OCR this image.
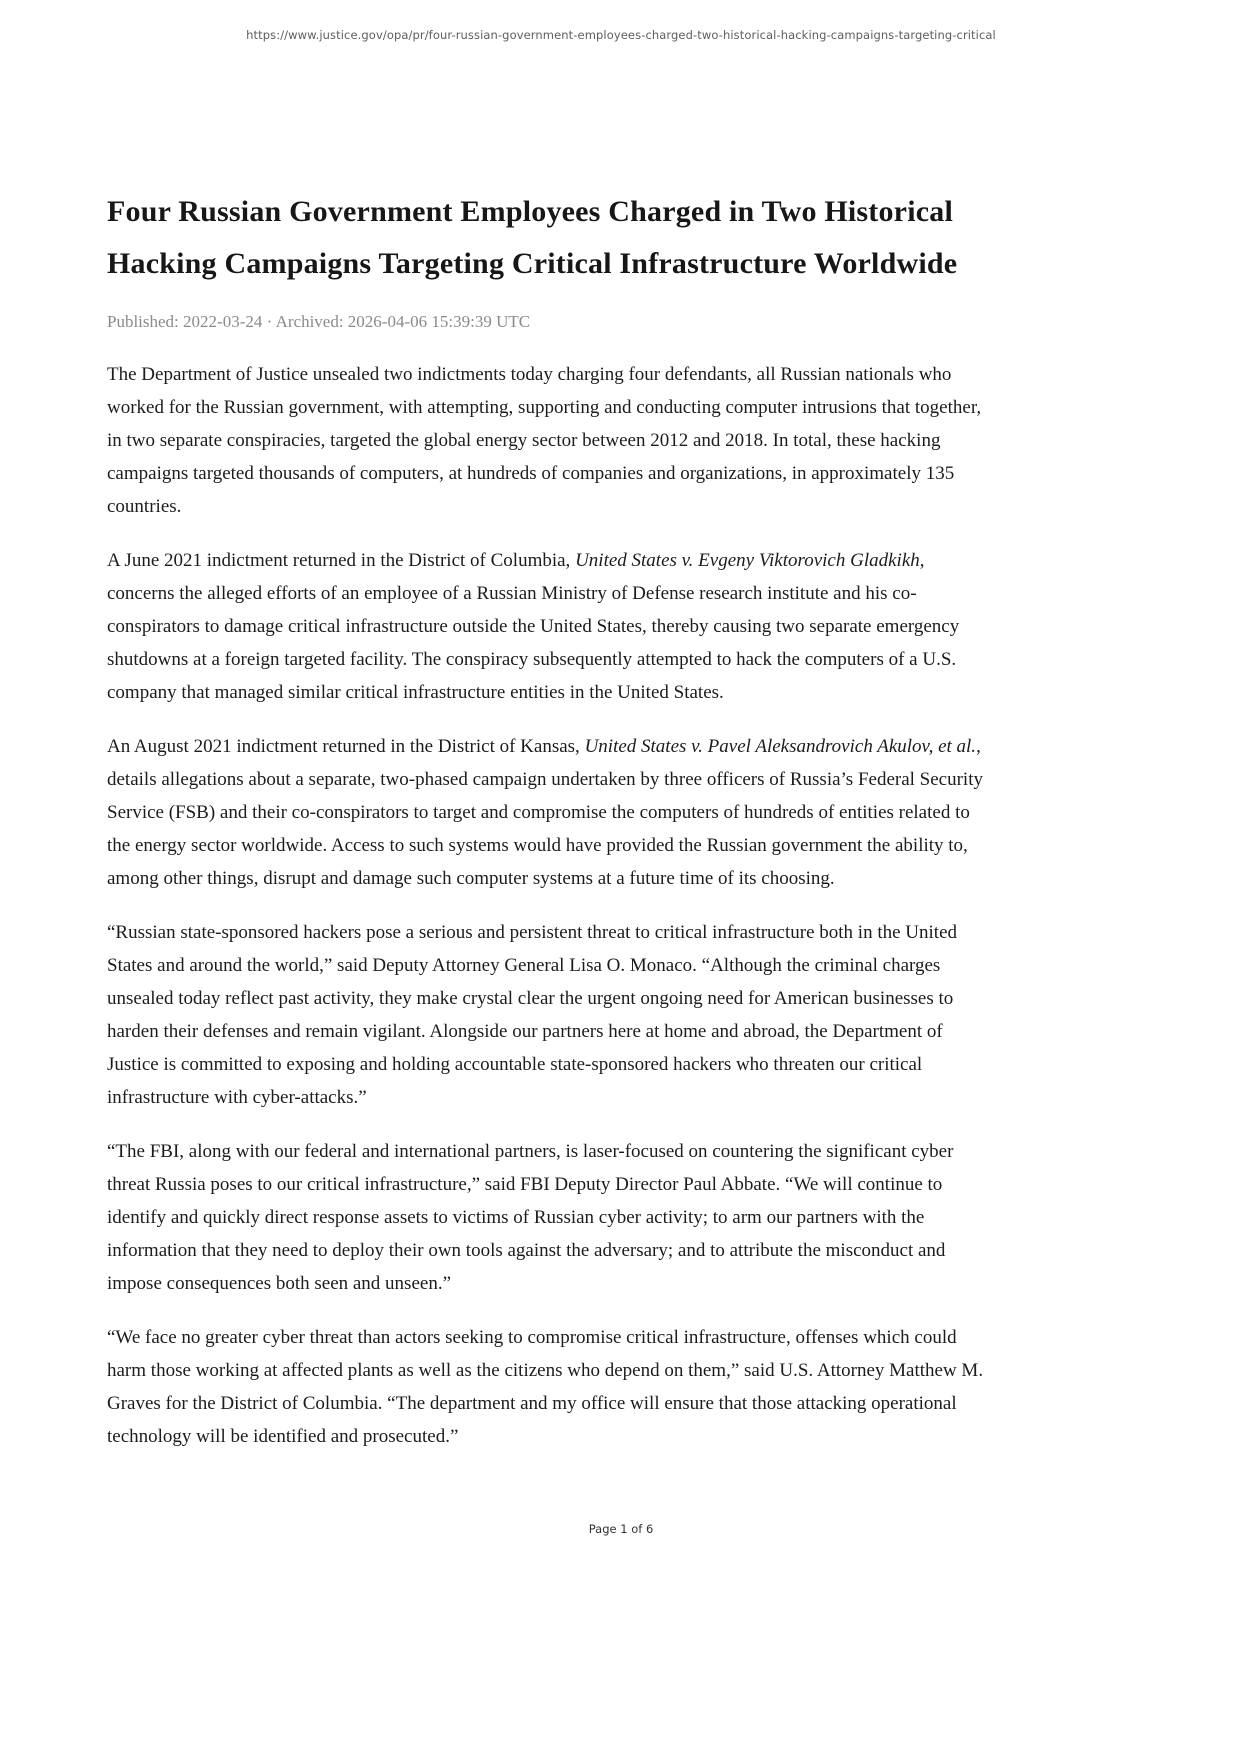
https://www.justice.gov/opa/pr/four-russian-government-employees-charged-two-historical-hacking-campaigns-targeting-critical
Four Russian Government Employees Charged in Two Historical Hacking Campaigns Targeting Critical Infrastructure Worldwide
Published: 2022-03-24 · Archived: 2026-04-06 15:39:39 UTC

The Department of Justice unsealed two indictments today charging four defendants, all Russian nationals who worked for the Russian government, with attempting, supporting and conducting computer intrusions that together, in two separate conspiracies, targeted the global energy sector between 2012 and 2018. In total, these hacking campaigns targeted thousands of computers, at hundreds of companies and organizations, in approximately 135 countries.

A June 2021 indictment returned in the District of Columbia, United States v. Evgeny Viktorovich Gladkikh, concerns the alleged efforts of an employee of a Russian Ministry of Defense research institute and his co-conspirators to damage critical infrastructure outside the United States, thereby causing two separate emergency shutdowns at a foreign targeted facility. The conspiracy subsequently attempted to hack the computers of a U.S. company that managed similar critical infrastructure entities in the United States.

An August 2021 indictment returned in the District of Kansas, United States v. Pavel Aleksandrovich Akulov, et al., details allegations about a separate, two-phased campaign undertaken by three officers of Russia’s Federal Security Service (FSB) and their co-conspirators to target and compromise the computers of hundreds of entities related to the energy sector worldwide. Access to such systems would have provided the Russian government the ability to, among other things, disrupt and damage such computer systems at a future time of its choosing.

“Russian state-sponsored hackers pose a serious and persistent threat to critical infrastructure both in the United States and around the world,” said Deputy Attorney General Lisa O. Monaco. “Although the criminal charges unsealed today reflect past activity, they make crystal clear the urgent ongoing need for American businesses to harden their defenses and remain vigilant. Alongside our partners here at home and abroad, the Department of Justice is committed to exposing and holding accountable state-sponsored hackers who threaten our critical infrastructure with cyber-attacks.”

“The FBI, along with our federal and international partners, is laser-focused on countering the significant cyber threat Russia poses to our critical infrastructure,” said FBI Deputy Director Paul Abbate. “We will continue to identify and quickly direct response assets to victims of Russian cyber activity; to arm our partners with the information that they need to deploy their own tools against the adversary; and to attribute the misconduct and impose consequences both seen and unseen.”

“We face no greater cyber threat than actors seeking to compromise critical infrastructure, offenses which could harm those working at affected plants as well as the citizens who depend on them,” said U.S. Attorney Matthew M. Graves for the District of Columbia. “The department and my office will ensure that those attacking operational technology will be identified and prosecuted.”

Page 1 of 6
